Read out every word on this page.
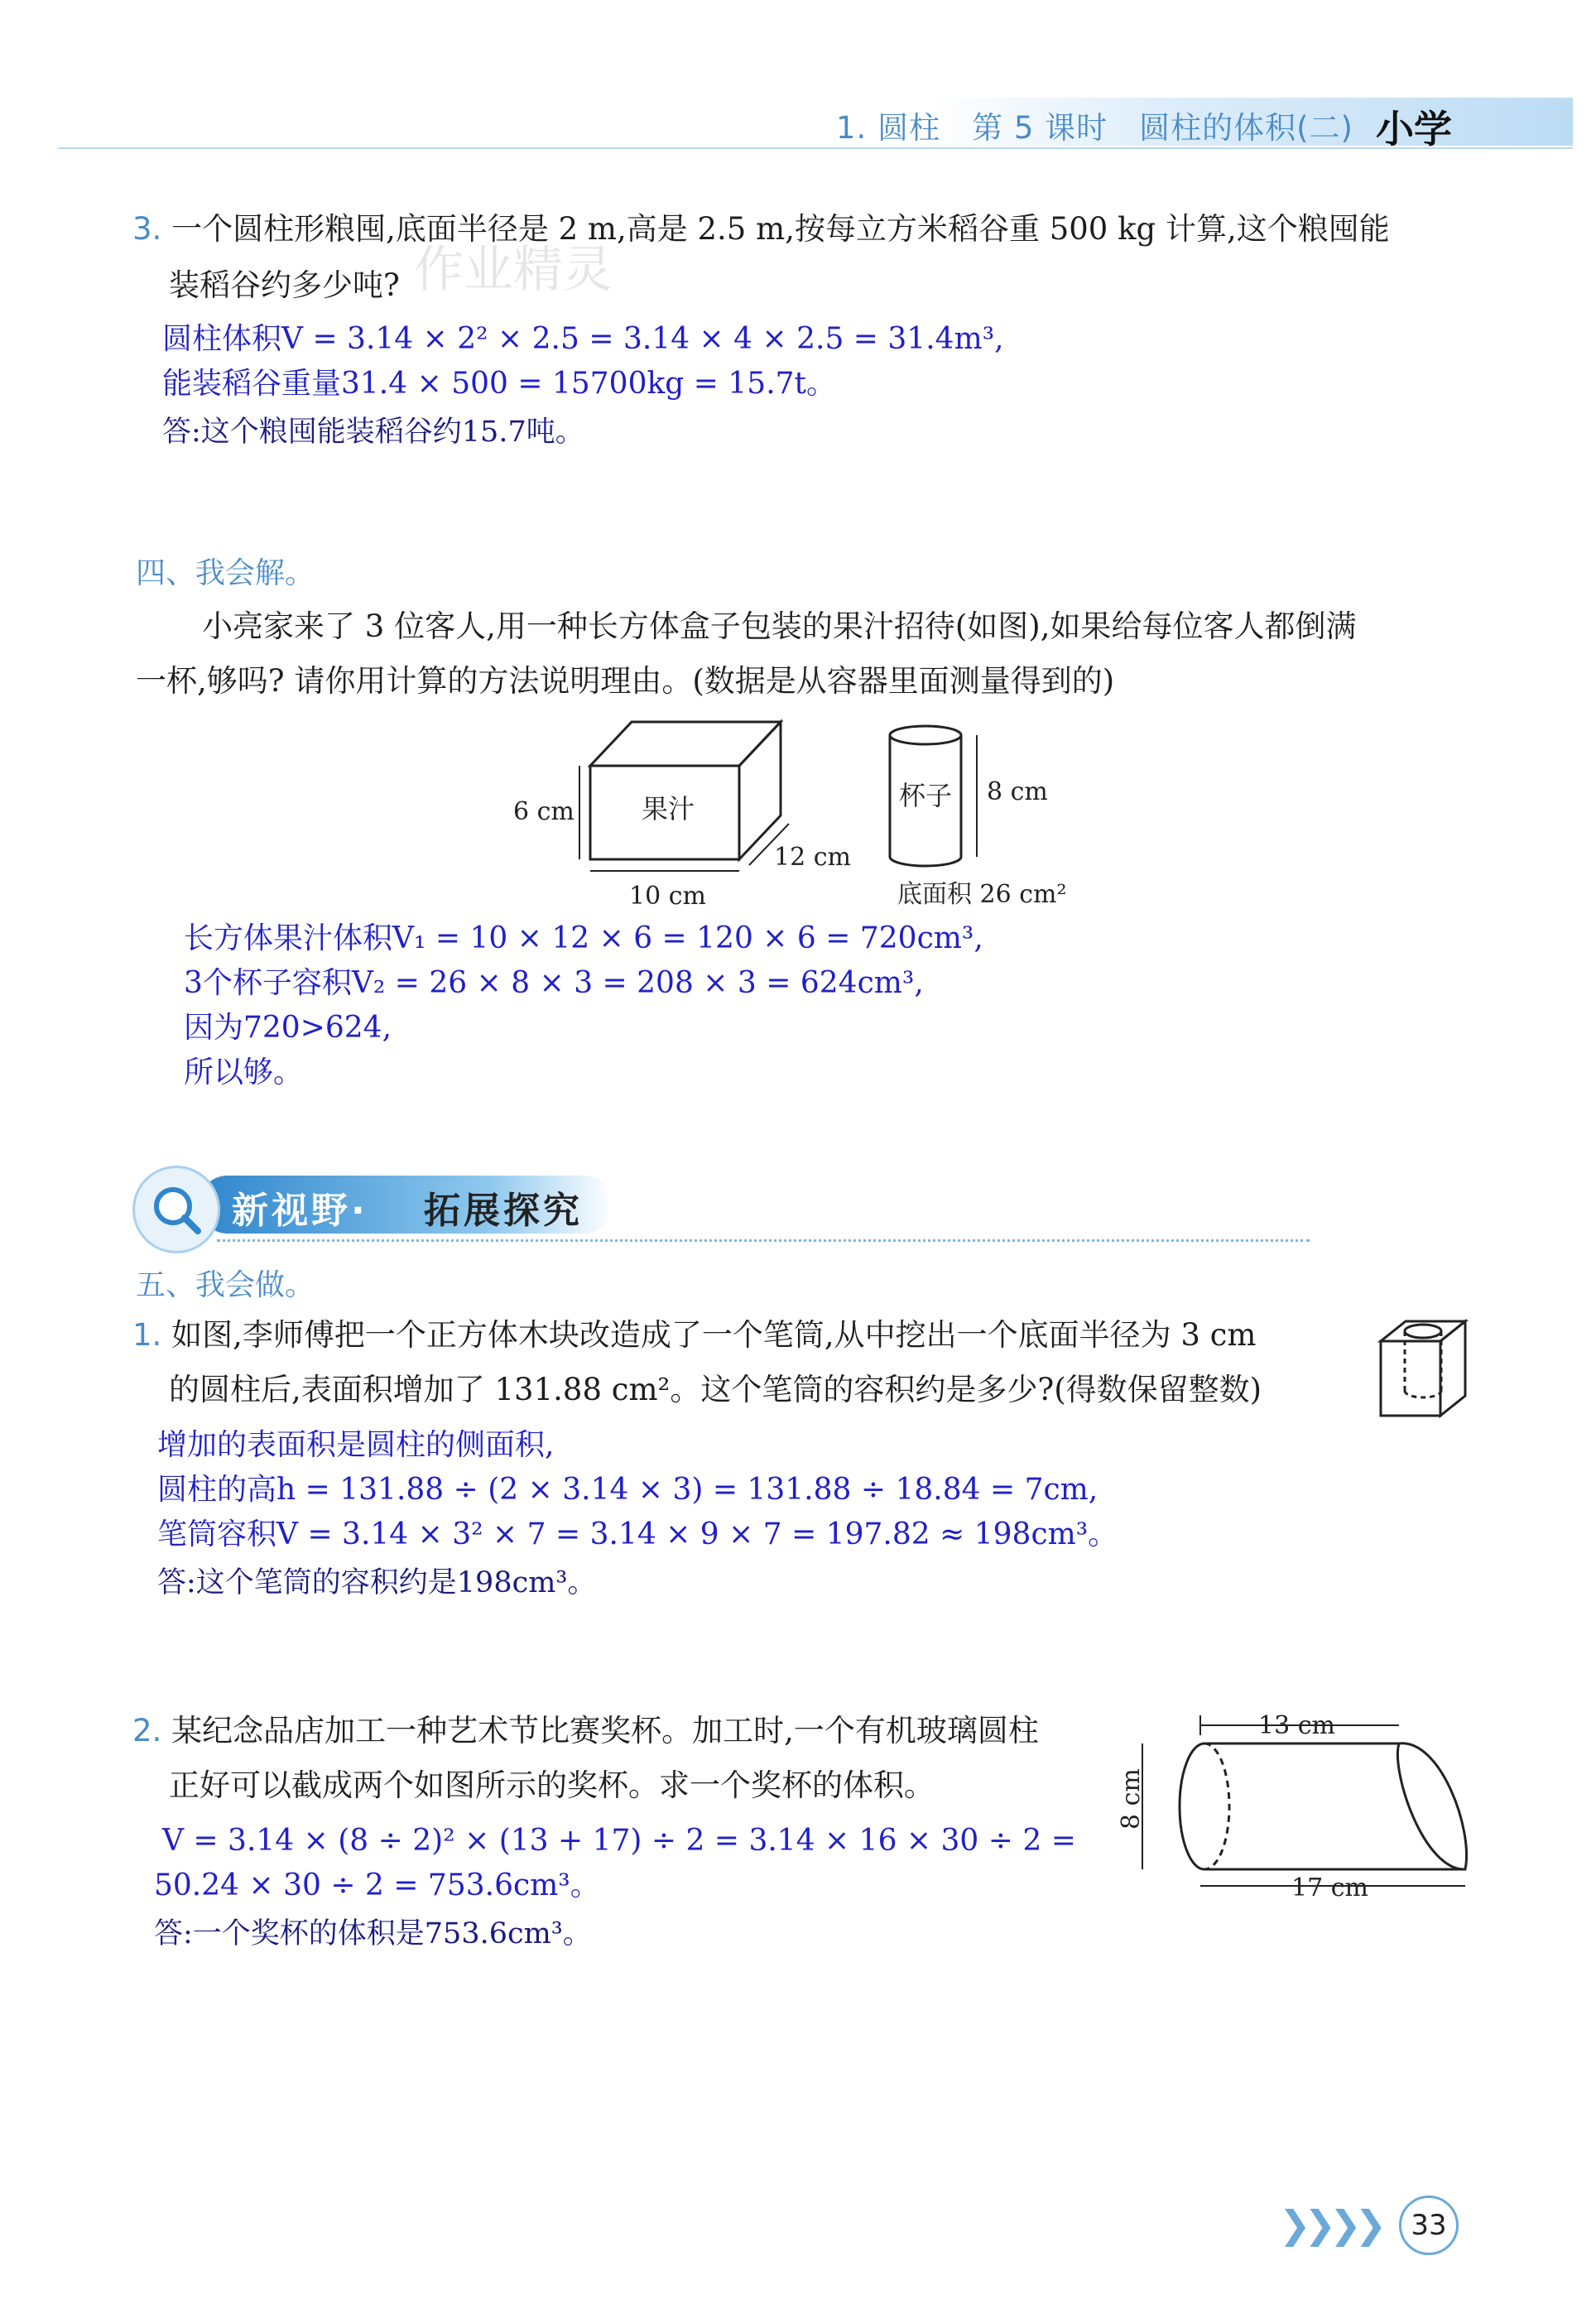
1. 圆柱　第 5 课时　圆柱的体积(二) 小学
作业精灵
3. 一个圆柱形粮囤,底面半径是 2 m,高是 2.5 m,按每立方米稻谷重 500 kg 计算,这个粮囤能
装稻谷约多少吨?
圆柱体积V = 3.14 × 2² × 2.5 = 3.14 × 4 × 2.5 = 31.4m³,
能装稻谷重量31.4 × 500 = 15700kg = 15.7t。
答:这个粮囤能装稻谷约15.7吨。
四、我会解。
小亮家来了 3 位客人,用一种长方体盒子包装的果汁招待(如图),如果给每位客人都倒满
一杯,够吗? 请你用计算的方法说明理由。(数据是从容器里面测量得到的)
果汁
6 cm
10 cm
12 cm
杯子 8 cm
底面积 26 cm²
长方体果汁体积V₁ = 10 × 12 × 6 = 120 × 6 = 720cm³,
3个杯子容积V₂ = 26 × 8 × 3 = 208 × 3 = 624cm³,
因为720>624,
所以够。
新视野· 拓展探究
五、我会做。
1. 如图,李师傅把一个正方体木块改造成了一个笔筒,从中挖出一个底面半径为 3 cm
的圆柱后,表面积增加了 131.88 cm²。这个笔筒的容积约是多少?(得数保留整数)
增加的表面积是圆柱的侧面积,
圆柱的高h = 131.88 ÷ (2 × 3.14 × 3) = 131.88 ÷ 18.84 = 7cm,
笔筒容积V = 3.14 × 3² × 7 = 3.14 × 9 × 7 = 197.82 ≈ 198cm³。
答:这个笔筒的容积约是198cm³。
2. 某纪念品店加工一种艺术节比赛奖杯。加工时,一个有机玻璃圆柱
正好可以截成两个如图所示的奖杯。求一个奖杯的体积。
13 cm
8 cm
17 cm
V = 3.14 × (8 ÷ 2)² × (13 + 17) ÷ 2 = 3.14 × 16 × 30 ÷ 2 =
50.24 × 30 ÷ 2 = 753.6cm³。
答:一个奖杯的体积是753.6cm³。
❯❯❯❯	33
